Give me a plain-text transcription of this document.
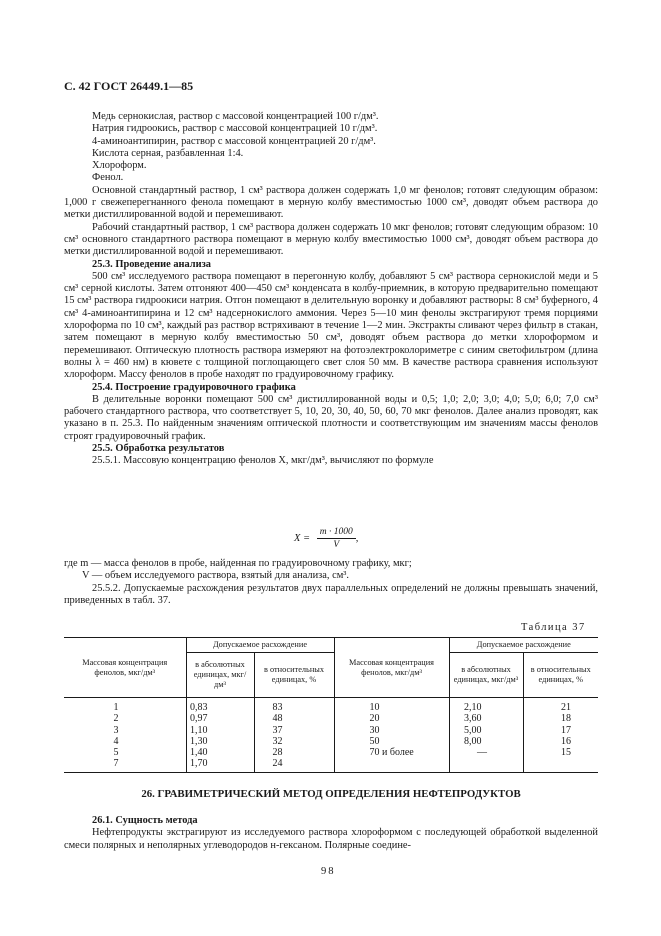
С. 42 ГОСТ 26449.1—85

Медь сернокислая, раствор с массовой концентрацией 100 г/дм³.

Натрия гидроокись, раствор с массовой концентрацией 10 г/дм³.

4-аминоантипирин, раствор с массовой концентрацией 20 г/дм³.

Кислота серная, разбавленная 1:4.

Хлороформ.

Фенол.

Основной стандартный раствор, 1 см³ раствора должен содержать 1,0 мг фенолов; готовят следующим образом: 1,000 г свежеперегнанного фенола помещают в мерную колбу вместимостью 1000 см³, доводят объем раствора до метки дистиллированной водой и перемешивают.

Рабочий стандартный раствор, 1 см³ раствора должен содержать 10 мкг фенолов; готовят следующим образом: 10 см³ основного стандартного раствора помещают в мерную колбу вместимостью 1000 см³, доводят объем раствора до метки дистиллированной водой и перемешивают.

25.3. Проведение анализа

500 см³ исследуемого раствора помещают в перегонную колбу, добавляют 5 см³ раствора сернокислой меди и 5 см³ серной кислоты. Затем отгоняют 400—450 см³ конденсата в колбу-приемник, в которую предварительно помещают 15 см³ раствора гидроокиси натрия. Отгон помещают в делительную воронку и добавляют растворы: 8 см³ буферного, 4 см³ 4-аминоантипирина и 12 см³ надсернокислого аммония. Через 5—10 мин фенолы экстрагируют тремя порциями хлороформа по 10 см³, каждый раз раствор встряхивают в течение 1—2 мин. Экстракты сливают через фильтр в стакан, затем помещают в мерную колбу вместимостью 50 см³, доводят объем раствора до метки хлороформом и перемешивают. Оптическую плотность раствора измеряют на фотоэлектроколориметре с синим светофильтром (длина волны λ = 460 нм) в кювете с толщиной поглощающего свет слоя 50 мм. В качестве раствора сравнения используют хлороформ. Массу фенолов в пробе находят по градуировочному графику.

25.4. Построение градуировочного графика

В делительные воронки помещают 500 см³ дистиллированной воды и 0,5; 1,0; 2,0; 3,0; 4,0; 5,0; 6,0; 7,0 см³ рабочего стандартного раствора, что соответствует 5, 10, 20, 30, 40, 50, 60, 70 мкг фенолов. Далее анализ проводят, как указано в п. 25.3. По найденным значениям оптической плотности и соответствующим им значениям массы фенолов строят градуировочный график.

25.5. Обработка результатов

25.5.1. Массовую концентрацию фенолов X, мкг/дм³, вычисляют по формуле

$X = \frac{m \cdot 1000}{V}$ ,

где m — масса фенолов в пробе, найденная по градуировочному графику, мкг;

V — объем исследуемого раствора, взятый для анализа, см³.

25.5.2. Допускаемые расхождения результатов двух параллельных определений не должны превышать значений, приведенных в табл. 37.

Таблица 37
Массовая концентрация фенолов, мкг/дм³	Допускаемое расхождение		Массовая концентрация фенолов, мкг/дм³	Допускаемое расхождение	
	в абсолютных единицах, мкг/дм³	в относительных единицах, %		в абсолютных единицах, мкг/дм³	в относительных единицах, %
1	0,83	83	10	2,10	21
2	0,97	48	20	3,60	18
3	1,10	37	30	5,00	17
4	1,30	32	50	8,00	16
5	1,40	28	70 и более	—	15
7	1,70	24			
26. ГРАВИМЕТРИЧЕСКИЙ МЕТОД ОПРЕДЕЛЕНИЯ НЕФТЕПРОДУКТОВ

26.1. Сущность метода

Нефтепродукты экстрагируют из исследуемого раствора хлороформом с последующей обработкой выделенной смеси полярных и неполярных углеводородов н-гексаном. Полярные соедине-

98
